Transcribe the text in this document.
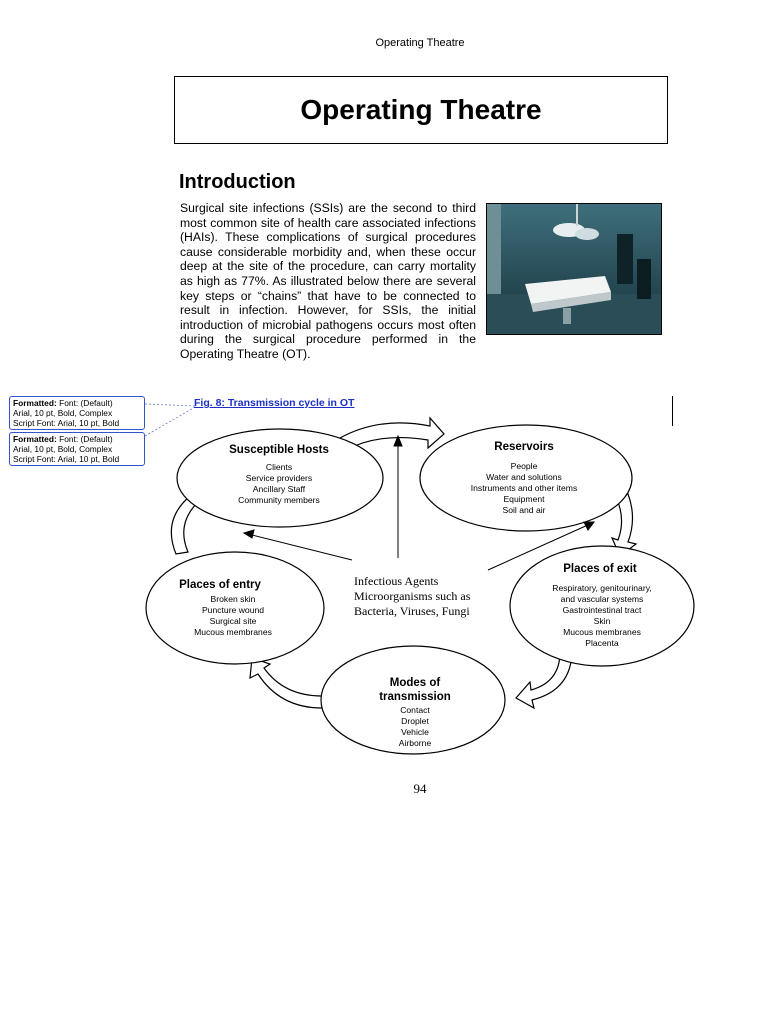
Operating Theatre
Operating Theatre
Introduction
Surgical site infections (SSIs) are the second to third most common site of health care associated infections (HAIs). These complications of surgical procedures cause considerable morbidity and, when these occur deep at the site of the procedure, can carry mortality as high as 77%. As illustrated below there are several key steps or “chains” that have to be connected to result in infection. However, for SSIs, the initial introduction of microbial pathogens occurs most often during the surgical procedure performed in the Operating Theatre (OT).
Formatted: Font: (Default)
Arial, 10 pt, Bold, Complex
Script Font: Arial, 10 pt, Bold
Formatted: Font: (Default)
Arial, 10 pt, Bold, Complex
Script Font: Arial, 10 pt, Bold
Fig. 8: Transmission cycle in OT
Susceptible Hosts
Clients
Service providers
Ancillary Staff
Community members
Reservoirs
People
Water and solutions
Instruments and other items
Equipment
Soil and air
Places of entry
Broken skin
Puncture wound
Surgical site
Mucous membranes
Places of exit
Respiratory, genitourinary,
and vascular systems
Gastrointestinal tract
Skin
Mucous membranes
Placenta
Modes of
transmission
Contact
Droplet
Vehicle
Airborne
Infectious Agents
Microorganisms such as
Bacteria, Viruses, Fungi
94
